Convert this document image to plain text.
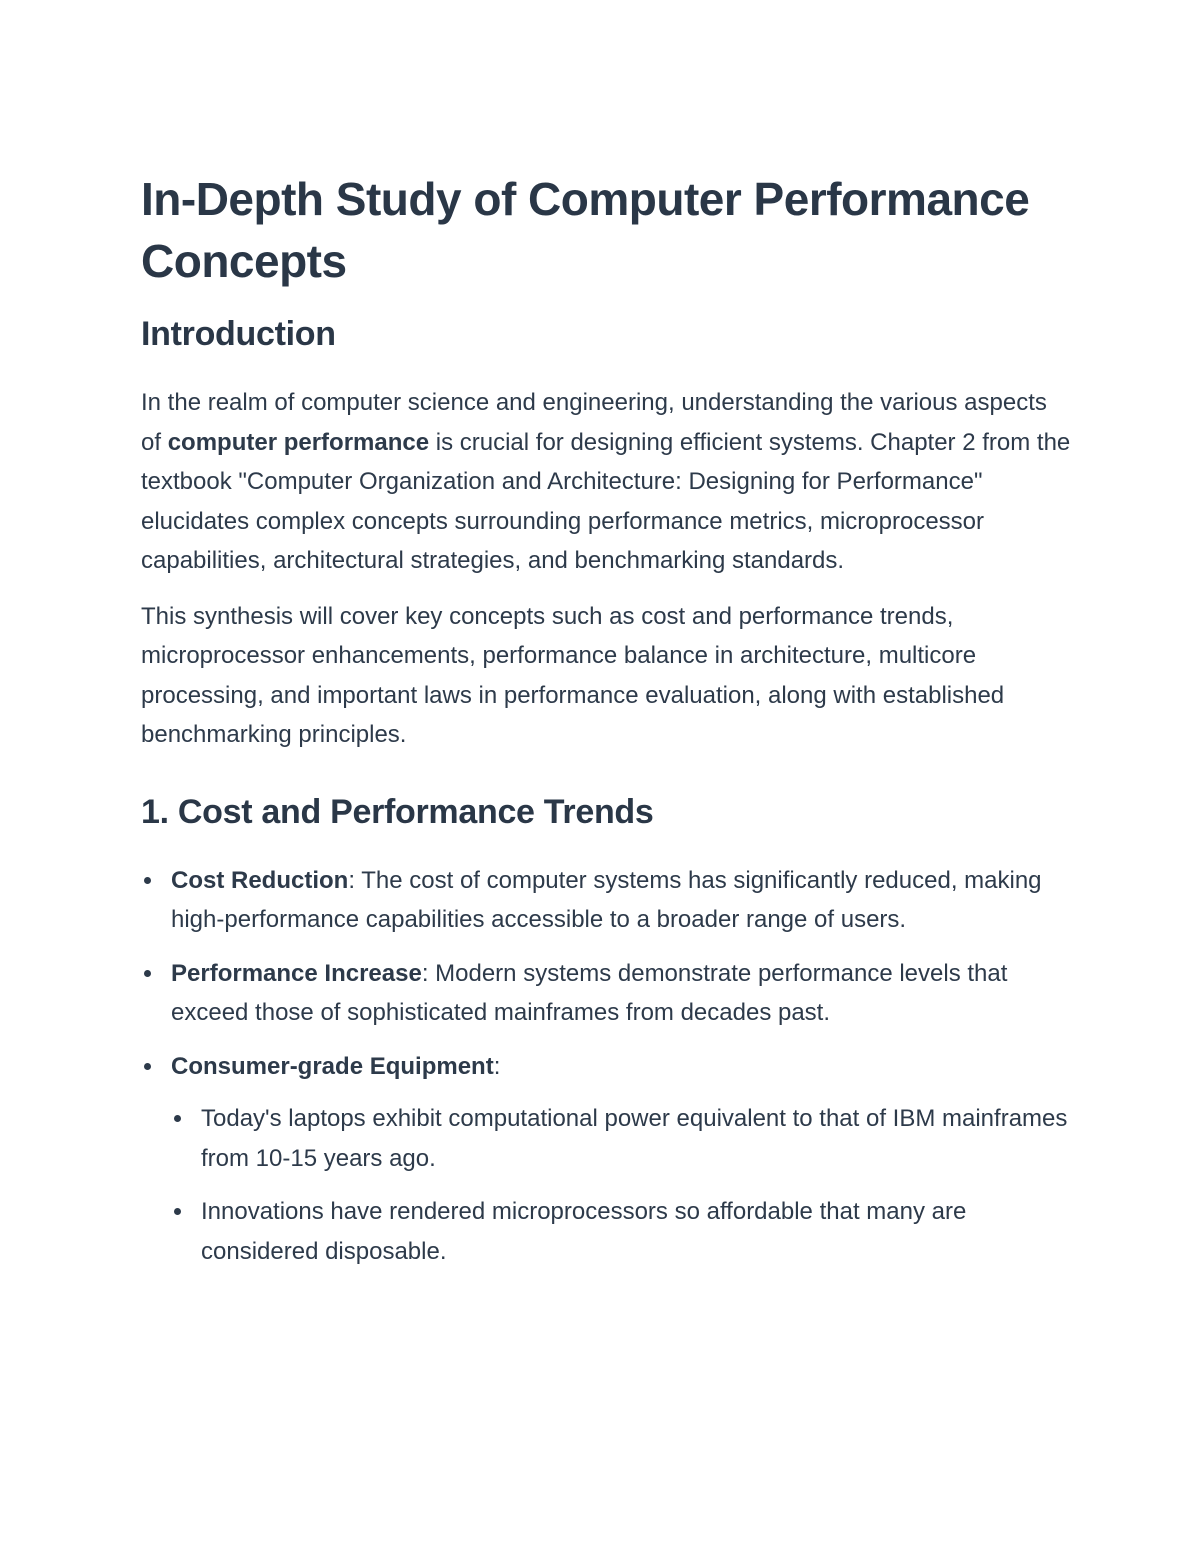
In-Depth Study of Computer Performance Concepts
Introduction

In the realm of computer science and engineering, understanding the various aspects of computer performance is crucial for designing efficient systems. Chapter 2 from the textbook "Computer Organization and Architecture: Designing for Performance" elucidates complex concepts surrounding performance metrics, microprocessor capabilities, architectural strategies, and benchmarking standards.

This synthesis will cover key concepts such as cost and performance trends, microprocessor enhancements, performance balance in architecture, multicore processing, and important laws in performance evaluation, along with established benchmarking principles.

1. Cost and Performance Trends
Cost Reduction: The cost of computer systems has significantly reduced, making high-performance capabilities accessible to a broader range of users.
Performance Increase: Modern systems demonstrate performance levels that exceed those of sophisticated mainframes from decades past.
Consumer-grade Equipment:
Today's laptops exhibit computational power equivalent to that of IBM mainframes from 10-15 years ago.
Innovations have rendered microprocessors so affordable that many are considered disposable.
